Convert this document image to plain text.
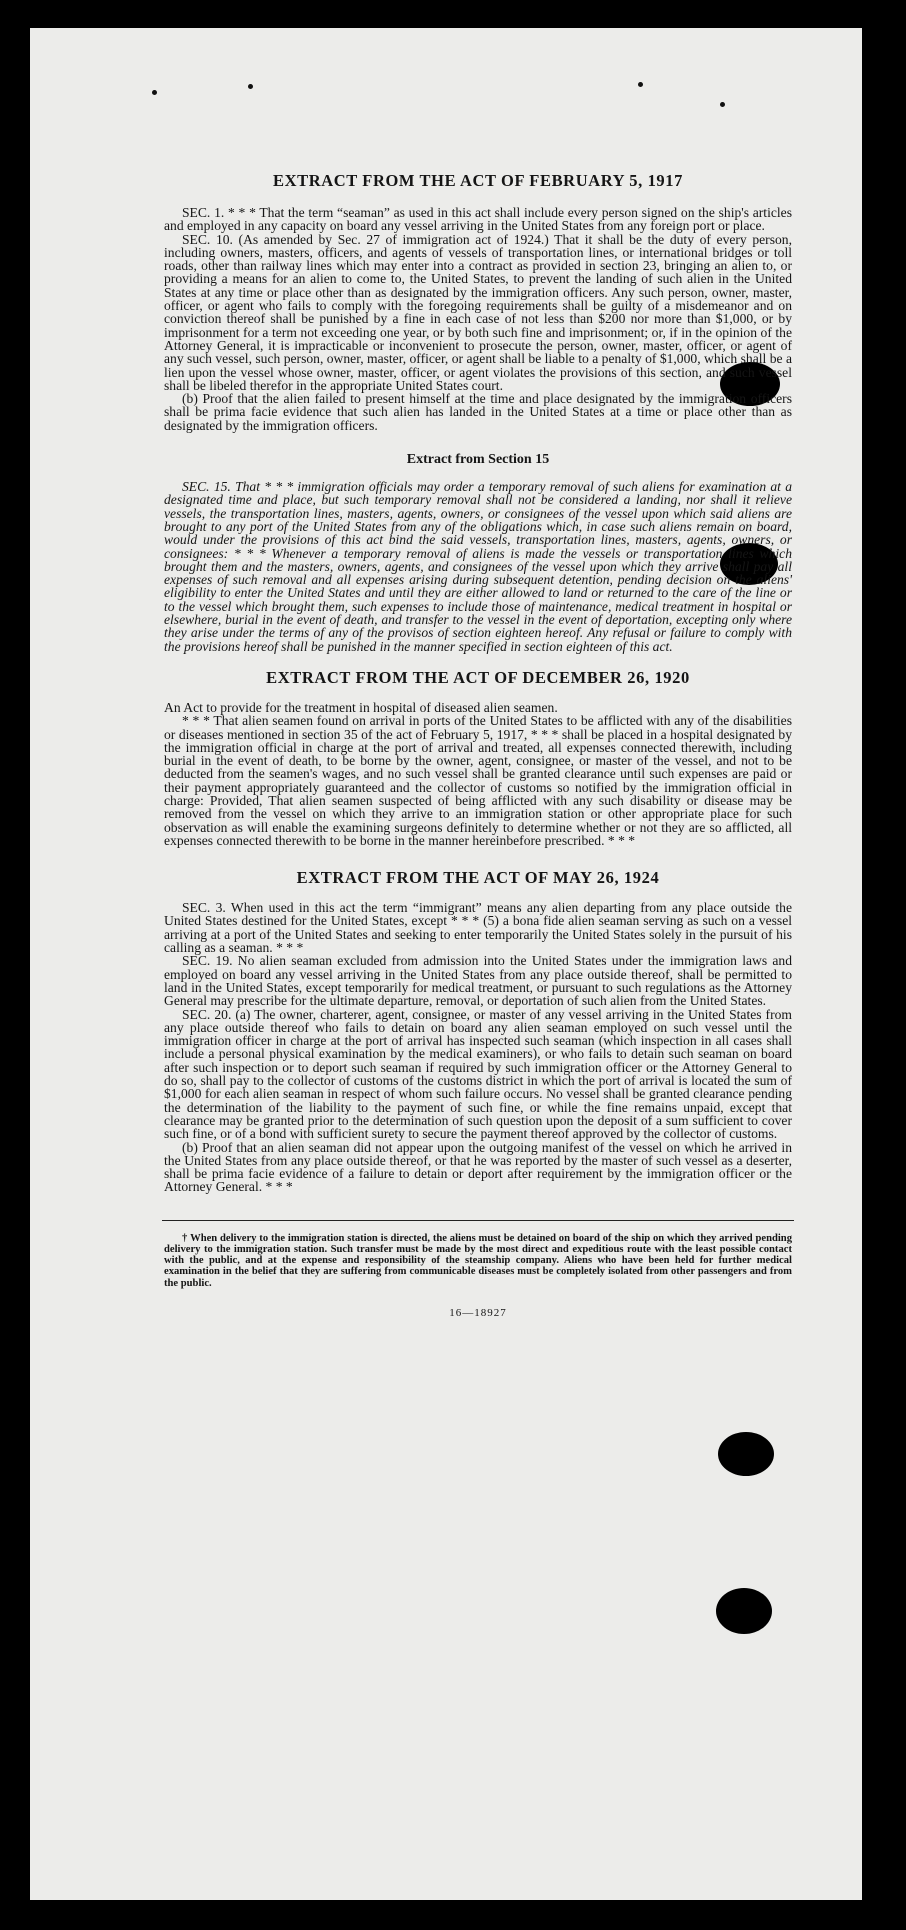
EXTRACT FROM THE ACT OF FEBRUARY 5, 1917

SEC. 1. * * * That the term “seaman” as used in this act shall include every person signed on the ship's articles and employed in any capacity on board any vessel arriving in the United States from any foreign port or place.

SEC. 10. (As amended by Sec. 27 of immigration act of 1924.) That it shall be the duty of every person, including owners, masters, officers, and agents of vessels of transportation lines, or international bridges or toll roads, other than railway lines which may enter into a contract as provided in section 23, bringing an alien to, or providing a means for an alien to come to, the United States, to prevent the landing of such alien in the United States at any time or place other than as designated by the immigration officers. Any such person, owner, master, officer, or agent who fails to comply with the foregoing requirements shall be guilty of a misdemeanor and on conviction thereof shall be punished by a fine in each case of not less than $200 nor more than $1,000, or by imprisonment for a term not exceeding one year, or by both such fine and imprisonment; or, if in the opinion of the Attorney General, it is impracticable or inconvenient to prosecute the person, owner, master, officer, or agent of any such vessel, such person, owner, master, officer, or agent shall be liable to a penalty of $1,000, which shall be a lien upon the vessel whose owner, master, officer, or agent violates the provisions of this section, and such vessel shall be libeled therefor in the appropriate United States court.

(b) Proof that the alien failed to present himself at the time and place designated by the immigration officers shall be prima facie evidence that such alien has landed in the United States at a time or place other than as designated by the immigration officers.

Extract from Section 15

SEC. 15. That * * * immigration officials may order a temporary removal of such aliens for examination at a designated time and place, but such temporary removal shall not be considered a landing, nor shall it relieve vessels, the transportation lines, masters, agents, owners, or consignees of the vessel upon which said aliens are brought to any port of the United States from any of the obligations which, in case such aliens remain on board, would under the provisions of this act bind the said vessels, transportation lines, masters, agents, owners, or consignees: * * * Whenever a temporary removal of aliens is made the vessels or transportation lines which brought them and the masters, owners, agents, and consignees of the vessel upon which they arrive shall pay all expenses of such removal and all expenses arising during subsequent detention, pending decision on the aliens' eligibility to enter the United States and until they are either allowed to land or returned to the care of the line or to the vessel which brought them, such expenses to include those of maintenance, medical treatment in hospital or elsewhere, burial in the event of death, and transfer to the vessel in the event of deportation, excepting only where they arise under the terms of any of the provisos of section eighteen hereof. Any refusal or failure to comply with the provisions hereof shall be punished in the manner specified in section eighteen of this act.

EXTRACT FROM THE ACT OF DECEMBER 26, 1920

An Act to provide for the treatment in hospital of diseased alien seamen.

* * * That alien seamen found on arrival in ports of the United States to be afflicted with any of the disabilities or diseases mentioned in section 35 of the act of February 5, 1917, * * * shall be placed in a hospital designated by the immigration official in charge at the port of arrival and treated, all expenses connected therewith, including burial in the event of death, to be borne by the owner, agent, consignee, or master of the vessel, and not to be deducted from the seamen's wages, and no such vessel shall be granted clearance until such expenses are paid or their payment appropriately guaranteed and the collector of customs so notified by the immigration official in charge: Provided, That alien seamen suspected of being afflicted with any such disability or disease may be removed from the vessel on which they arrive to an immigration station or other appropriate place for such observation as will enable the examining surgeons definitely to determine whether or not they are so afflicted, all expenses connected therewith to be borne in the manner hereinbefore prescribed. * * *

EXTRACT FROM THE ACT OF MAY 26, 1924

SEC. 3. When used in this act the term “immigrant” means any alien departing from any place outside the United States destined for the United States, except * * * (5) a bona fide alien seaman serving as such on a vessel arriving at a port of the United States and seeking to enter temporarily the United States solely in the pursuit of his calling as a seaman. * * *

SEC. 19. No alien seaman excluded from admission into the United States under the immigration laws and employed on board any vessel arriving in the United States from any place outside thereof, shall be permitted to land in the United States, except temporarily for medical treatment, or pursuant to such regulations as the Attorney General may prescribe for the ultimate departure, removal, or deportation of such alien from the United States.

SEC. 20. (a) The owner, charterer, agent, consignee, or master of any vessel arriving in the United States from any place outside thereof who fails to detain on board any alien seaman employed on such vessel until the immigration officer in charge at the port of arrival has inspected such seaman (which inspection in all cases shall include a personal physical examination by the medical examiners), or who fails to detain such seaman on board after such inspection or to deport such seaman if required by such immigration officer or the Attorney General to do so, shall pay to the collector of customs of the customs district in which the port of arrival is located the sum of $1,000 for each alien seaman in respect of whom such failure occurs. No vessel shall be granted clearance pending the determination of the liability to the payment of such fine, or while the fine remains unpaid, except that clearance may be granted prior to the determination of such question upon the deposit of a sum sufficient to cover such fine, or of a bond with sufficient surety to secure the payment thereof approved by the collector of customs.

(b) Proof that an alien seaman did not appear upon the outgoing manifest of the vessel on which he arrived in the United States from any place outside thereof, or that he was reported by the master of such vessel as a deserter, shall be prima facie evidence of a failure to detain or deport after requirement by the immigration officer or the Attorney General. * * *

† When delivery to the immigration station is directed, the aliens must be detained on board of the ship on which they arrived pending delivery to the immigration station. Such transfer must be made by the most direct and expeditious route with the least possible contact with the public, and at the expense and responsibility of the steamship company. Aliens who have been held for further medical examination in the belief that they are suffering from communicable diseases must be completely isolated from other passengers and from the public.

16—18927
